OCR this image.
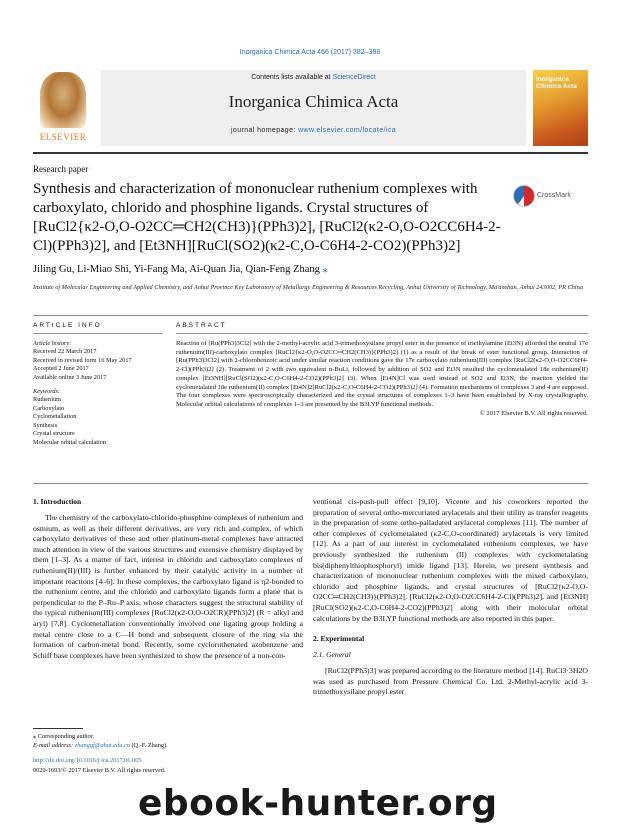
Inorganica Chimica Acta 466 (2017) 382–388
ELSEVIER
Contents lists available at ScienceDirect
Inorganica Chimica Acta
journal homepage: www.elsevier.com/locate/ica
Inorganica Chimica Acta
Research paper
Synthesis and characterization of mononuclear ruthenium complexes with carboxylato, chlorido and phosphine ligands. Crystal structures of [RuCl2{κ2-O,O-O2CC═CH2(CH3)}(PPh3)2], [RuCl2(κ2-O,O-O2CC6H4-2-Cl)(PPh3)2], and [Et3NH][RuCl(SO2)(κ2-C,O-C6H4-2-CO2)(PPh3)2]
CrossMark
Jiling Gu, Li-Miao Shi, Yi-Fang Ma, Ai-Quan Jia, Qian-Feng Zhang ⁎
Institute of Molecular Engineering and Applied Chemistry, and Anhui Province Key Laboratory of Metallurgy Engineering & Resources Recycling, Anhui University of Technology, Ma'anshan, Anhui 243002, PR China
ARTICLE INFO
Article history:
Received 22 March 2017
Received in revised form 16 May 2017
Accepted 2 June 2017
Available online 3 June 2017
Keywords:
Ruthenium
Carboxylato
Cyclometallation
Synthesis
Crystal structure
Molecular orbital calculation
ABSTRACT
Reaction of [Ru(PPh3)3Cl2] with the 2-methyl-acrylic acid 3-trimethoxysilane propyl ester in the presence of triethylamine (Et3N) afforded the neutral 17e ruthenium(III)-carboxylato complex [RuCl2{κ2-O,O-O2CC═CH2(CH3)}(PPh3)2] (1) as a result of the break of ester functional group. Interaction of [Ru(PPh3)3Cl2] with 2-chlorobenzoic acid under similar reaction conditions gave the 17e carboxylato ruthenium(III) complex [RuCl2(κ2-O,O-O2CC6H4-2-Cl)(PPh3)2] (2). Treatment of 2 with two equivalent n-BuLi, followed by addition of SO2 and Et3N resulted the cyclometalated 18e ruthenium(II) complex [Et3NH][RuCl(SO2)(κ2-C,O-C6H4-2-CO2)(PPh3)2] (3). When [Et4N]Cl was used instead of SO2 and Et3N, the reaction yielded the cyclometalated 18e ruthenium(II) complex [Et4N]2[RuCl2(κ2-C,O-C6H4-2-CO2)(PPh3)2] (4). Formation mechanisms of complexes 3 and 4 are supposed. The four complexes were spectroscopically characterized and the crystal structures of complexes 1–3 have been established by X-ray crystallography. Molecular orbital calculations of complexes 1–3 are presented by the B3LYP functional methods.
© 2017 Elsevier B.V. All rights reserved.
1. Introduction
The chemistry of the carboxylato-chlorido-phosphine complexes of ruthenium and osmium, as well as their different derivatives, are very rich and complex, of which carboxylato derivatives of these and other platinum-metal complexes have attracted much attention in view of the various structures and extensive chemistry displayed by them [1–3]. As a matter of fact, interest in chlorido and carboxylato complexes of ruthenium(II)/(III) is further enhanced by their catalytic activity in a number of important reactions [4–6]. In these complexes, the carboxylato ligand is η2-bonded to the ruthenium centre, and the chlorido and carboxylato ligands form a plane that is perpendicular to the P–Ru–P axis, whose characters suggest the structural stability of the typical ruthenium(III) complexes [RuCl2(κ2-O,O-O2CR)(PPh3)2] (R = alkyl and aryl) [7,8]. Cyclometallation conventionally involved one ligating group holding a metal centre close to a C—H bond and subsequent closure of the ring via the formation of carbon-metal bond. Recently, some cycloruthenated azobenzene and Schiff base complexes have been synthesized to show the presence of a non-con-
ventional cis-push-pull effect [9,10]. Vicente and his coworkers reported the preparation of several ortho-mercuriated arylacetals and their utility as transfer reagents in the preparation of some ortho-palladated arylacetal complexes [11]. The number of other complexes of cyclometalated (κ2-C,O-coordinated) arylacetals is very limited [12]. As a part of our interest in cyclometalated ruthenium complexes, we have previously synthesized the ruthenium (II) complexes with cyclometalating bis(diphenylthiophosphoryl) imide ligand [13]. Herein, we present synthesis and characterization of mononuclear ruthenium complexes with the mixed carboxylato, chlorido and phosphine ligands, and crystal structures of [RuCl2{κ2-O,O-O2CC═CH2(CH3)}(PPh3)2], [RuCl2(κ2-O,O-O2CC6H4-2-Cl)(PPh3)2], and [Et3NH][RuCl(SO2)(κ2-C,O-C6H4-2-CO2)(PPh3)2] along with their molecular orbital calculations by the B3LYP functional methods are also reported in this paper.
2. Experimental
2.1. General
[RuCl2(PPh3)3] was prepared according to the literature method [14]. RuCl3·3H2O was used as purchased from Pressure Chemical Co. Ltd. 2-Methyl-acrylic acid 3-trimethoxysilane propyl ester
⁎ Corresponding author.
E-mail address: zhangqf@ahut.edu.cn (Q.-F. Zhang).
http://dx.doi.org/10.1016/j.ica.2017.06.005
0020-1693/© 2017 Elsevier B.V. All rights reserved.
ebook-hunter.org
